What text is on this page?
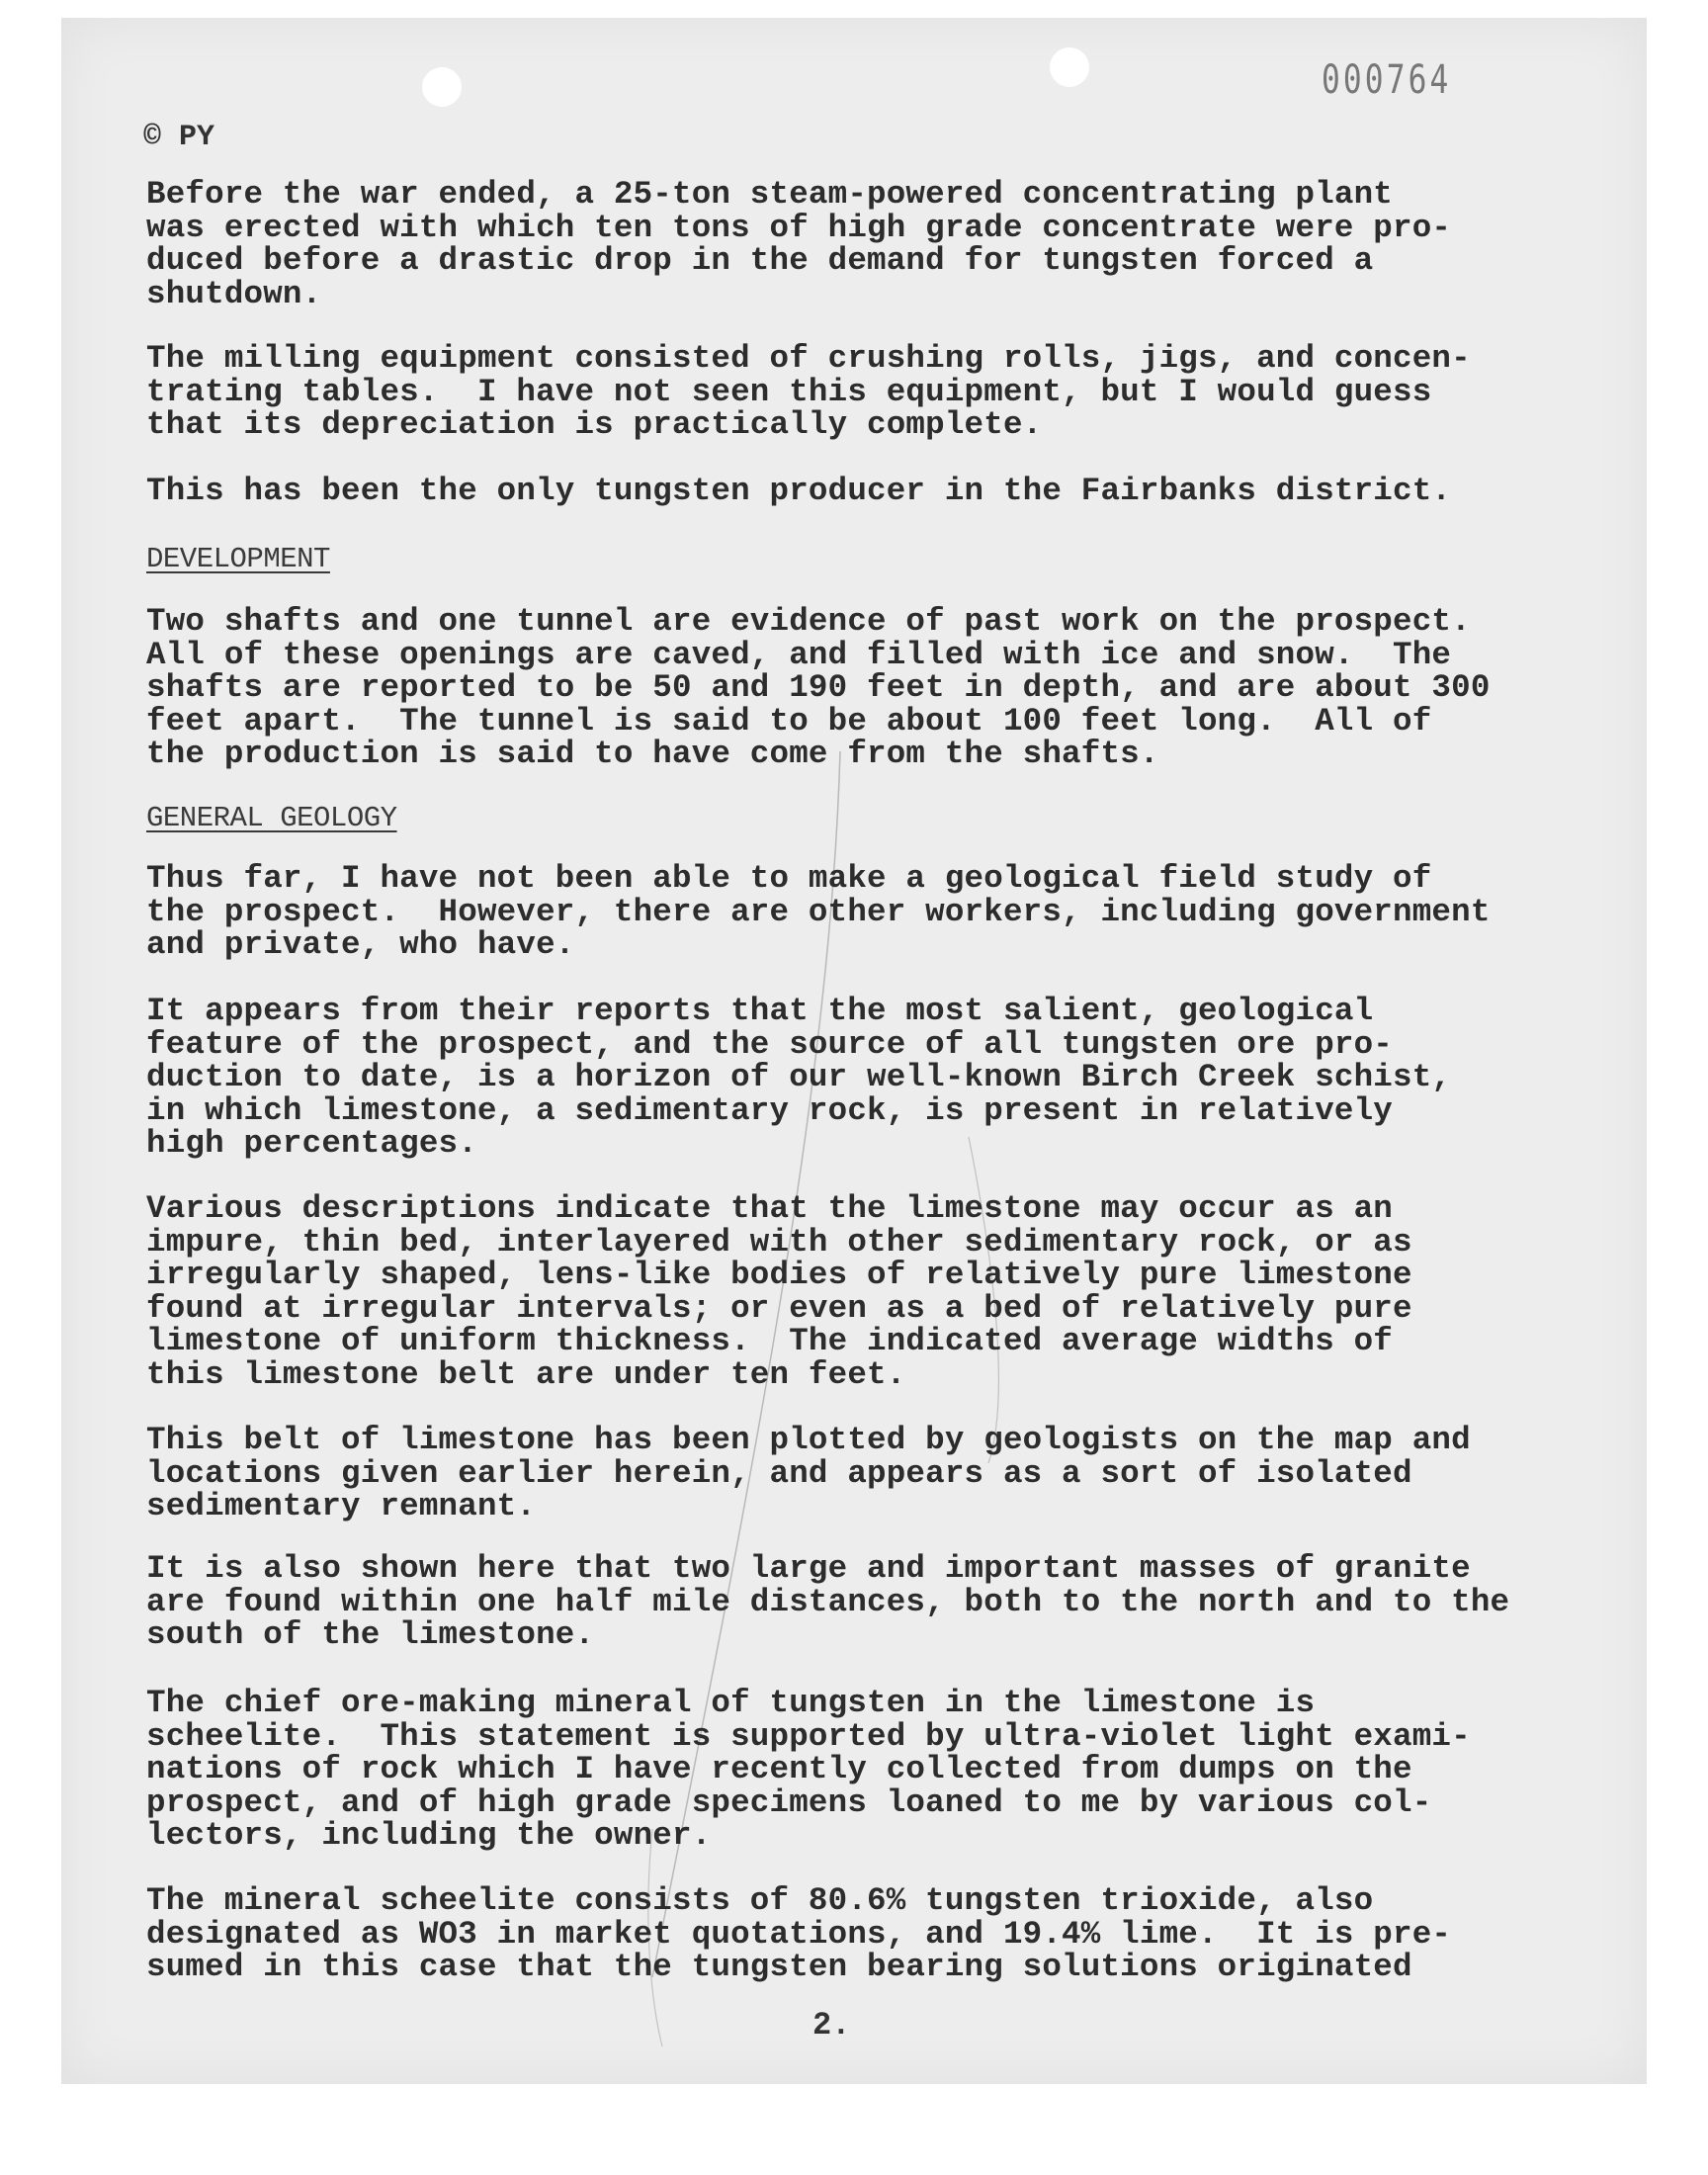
000764
© PY
Before the war ended, a 25-ton steam-powered concentrating plant
was erected with which ten tons of high grade concentrate were pro-
duced before a drastic drop in the demand for tungsten forced a
shutdown.
The milling equipment consisted of crushing rolls, jigs, and concen-
trating tables.  I have not seen this equipment, but I would guess
that its depreciation is practically complete.
This has been the only tungsten producer in the Fairbanks district.
DEVELOPMENT
Two shafts and one tunnel are evidence of past work on the prospect.
All of these openings are caved, and filled with ice and snow.  The
shafts are reported to be 50 and 190 feet in depth, and are about 300
feet apart.  The tunnel is said to be about 100 feet long.  All of
the production is said to have come from the shafts.
GENERAL GEOLOGY
Thus far, I have not been able to make a geological field study of
the prospect.  However, there are other workers, including government
and private, who have.
It appears from their reports that the most salient, geological
feature of the prospect, and the source of all tungsten ore pro-
duction to date, is a horizon of our well-known Birch Creek schist,
in which limestone, a sedimentary rock, is present in relatively
high percentages.
Various descriptions indicate that the limestone may occur as an
impure, thin bed, interlayered with other sedimentary rock, or as
irregularly shaped, lens-like bodies of relatively pure limestone
found at irregular intervals; or even as a bed of relatively pure
limestone of uniform thickness.  The indicated average widths of
this limestone belt are under ten feet.
This belt of limestone has been plotted by geologists on the map and
locations given earlier herein, and appears as a sort of isolated
sedimentary remnant.
It is also shown here that two large and important masses of granite
are found within one half mile distances, both to the north and to the
south of the limestone.
The chief ore-making mineral of tungsten in the limestone is
scheelite.  This statement is supported by ultra-violet light exami-
nations of rock which I have recently collected from dumps on the
prospect, and of high grade specimens loaned to me by various col-
lectors, including the owner.
The mineral scheelite consists of 80.6% tungsten trioxide, also
designated as WO3 in market quotations, and 19.4% lime.  It is pre-
sumed in this case that the tungsten bearing solutions originated
2.
